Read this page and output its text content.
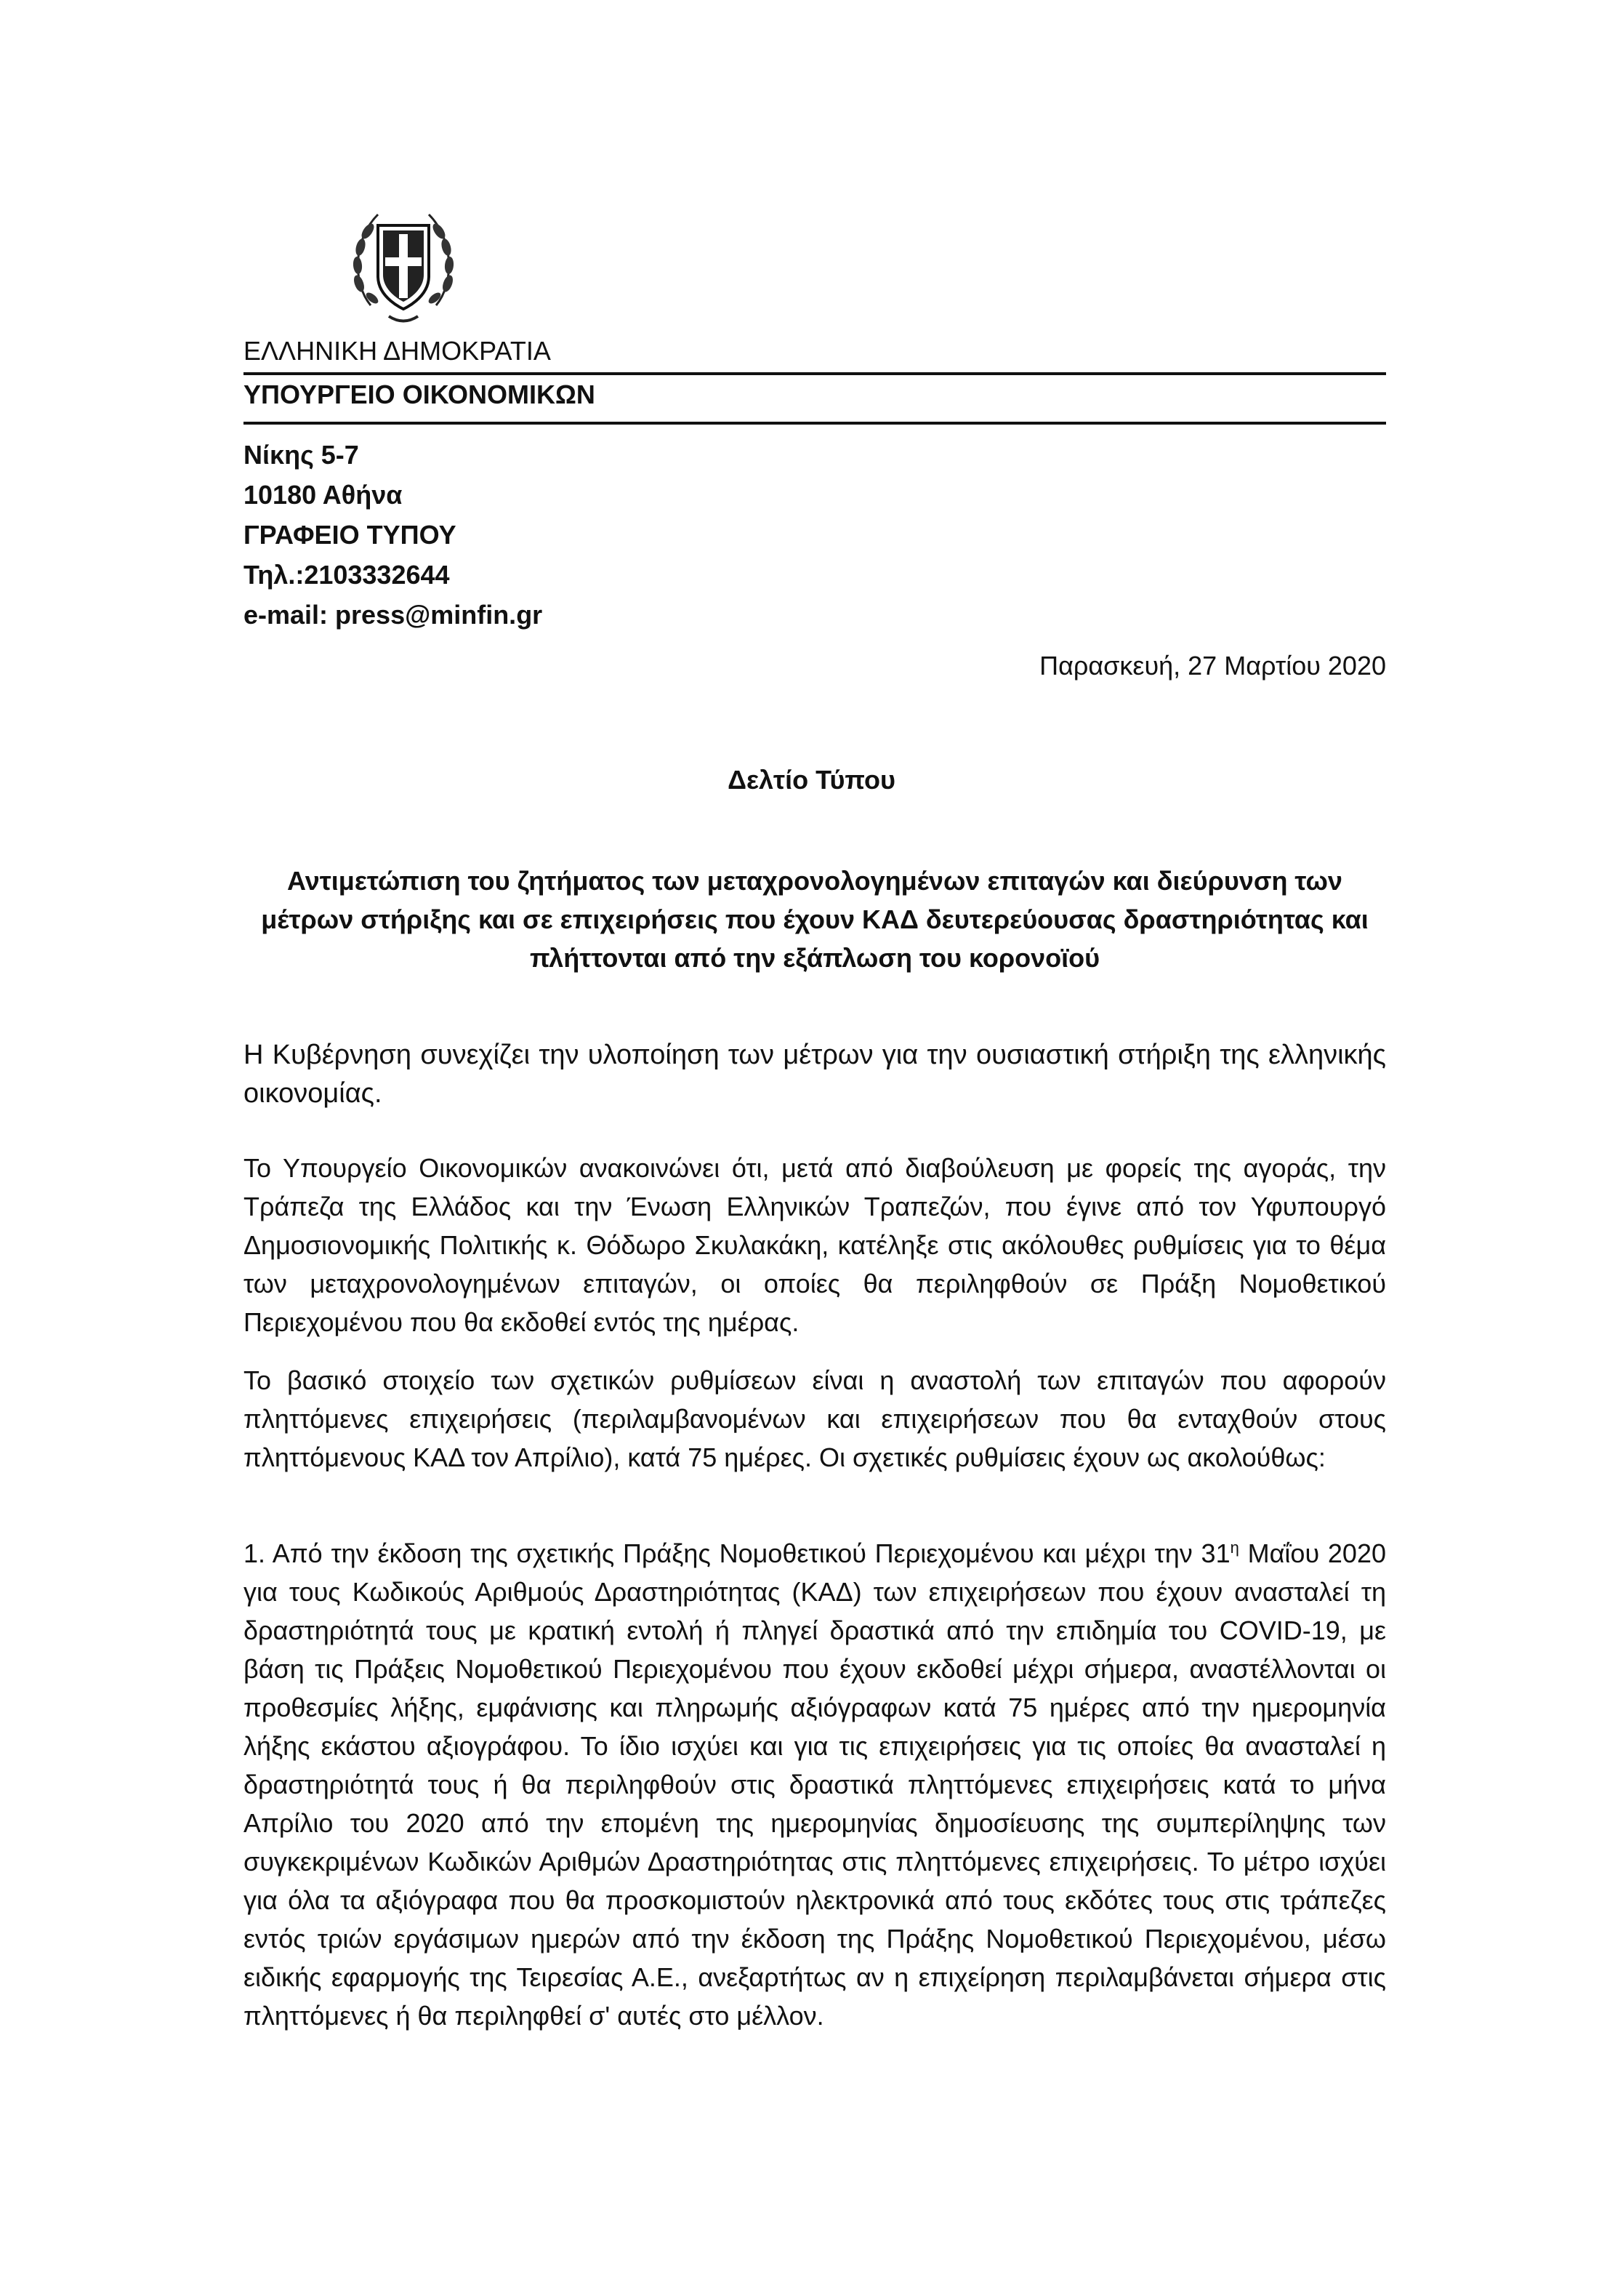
ΕΛΛΗΝΙΚΗ ΔΗΜΟΚΡΑΤΙΑ
ΥΠΟΥΡΓΕΙΟ ΟΙΚΟΝΟΜΙΚΩΝ
Νίκης 5-7
10180 Αθήνα
ΓΡΑΦΕΙΟ ΤΥΠΟΥ
Τηλ.:2103332644
e-mail: press@minfin.gr
Παρασκευή, 27 Μαρτίου 2020
Δελτίο Τύπου
Αντιμετώπιση του ζητήματος των μεταχρονολογημένων επιταγών και διεύρυνση των μέτρων στήριξης και σε επιχειρήσεις που έχουν ΚΑΔ δευτερεύουσας δραστηριότητας και πλήττονται από την εξάπλωση του κορονοϊού
Η Κυβέρνηση συνεχίζει την υλοποίηση των μέτρων για την ουσιαστική στήριξη της ελληνικής οικονομίας.
Το Υπουργείο Οικονομικών ανακοινώνει ότι, μετά από διαβούλευση με φορείς της αγοράς, την Τράπεζα της Ελλάδος και την Ένωση Ελληνικών Τραπεζών, που έγινε από τον Υφυπουργό Δημοσιονομικής Πολιτικής κ. Θόδωρο Σκυλακάκη, κατέληξε στις ακόλουθες ρυθμίσεις για το θέμα των μεταχρονολογημένων επιταγών, οι οποίες θα περιληφθούν σε Πράξη Νομοθετικού Περιεχομένου που θα εκδοθεί εντός της ημέρας.
Το βασικό στοιχείο των σχετικών ρυθμίσεων είναι η αναστολή των επιταγών που αφορούν πληττόμενες επιχειρήσεις (περιλαμβανομένων και επιχειρήσεων που θα ενταχθούν στους πληττόμενους ΚΑΔ τον Απρίλιο), κατά 75 ημέρες. Οι σχετικές ρυθμίσεις έχουν ως ακολούθως:
1. Από την έκδοση της σχετικής Πράξης Νομοθετικού Περιεχομένου και μέχρι την $31^\eta$ Μαΐου 2020 για τους Κωδικούς Αριθμούς Δραστηριότητας (ΚΑΔ) των επιχειρήσεων που έχουν ανασταλεί τη δραστηριότητά τους με κρατική εντολή ή πληγεί δραστικά από την επιδημία του COVID-19, με βάση τις Πράξεις Νομοθετικού Περιεχομένου που έχουν εκδοθεί μέχρι σήμερα, αναστέλλονται οι προθεσμίες λήξης, εμφάνισης και πληρωμής αξιόγραφων κατά 75 ημέρες από την ημερομηνία λήξης εκάστου αξιογράφου. Το ίδιο ισχύει και για τις επιχειρήσεις για τις οποίες θα ανασταλεί η δραστηριότητά τους ή θα περιληφθούν στις δραστικά πληττόμενες επιχειρήσεις κατά το μήνα Απρίλιο του 2020 από την επομένη της ημερομηνίας δημοσίευσης της συμπερίληψης των συγκεκριμένων Κωδικών Αριθμών Δραστηριότητας στις πληττόμενες επιχειρήσεις. Το μέτρο ισχύει για όλα τα αξιόγραφα που θα προσκομιστούν ηλεκτρονικά από τους εκδότες τους στις τράπεζες εντός τριών εργάσιμων ημερών από την έκδοση της Πράξης Νομοθετικού Περιεχομένου, μέσω ειδικής εφαρμογής της Τειρεσίας Α.Ε., ανεξαρτήτως αν η επιχείρηση περιλαμβάνεται σήμερα στις πληττόμενες ή θα περιληφθεί σ' αυτές στο μέλλον.
